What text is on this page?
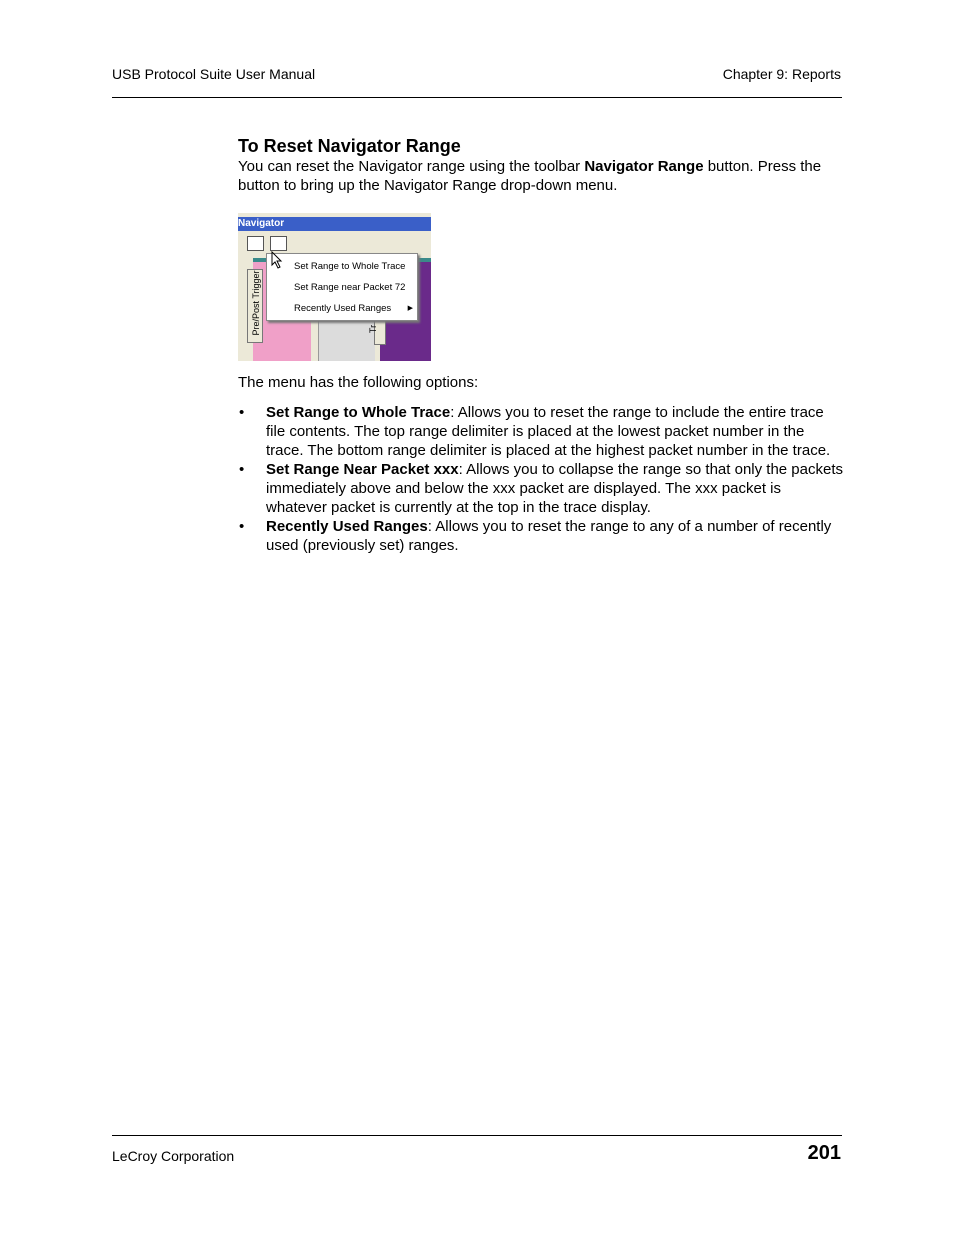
USB Protocol Suite User Manual	Chapter 9: Reports
To Reset Navigator Range

You can reset the Navigator range using the toolbar Navigator Range button. Press the button to bring up the Navigator Range drop-down menu.

Navigator
Pre/Post Trigger	Tr
Set Range to Whole Trace
Set Range near Packet 72
Recently Used Ranges ▶

The menu has the following options:

• Set Range to Whole Trace: Allows you to reset the range to include the entire trace file contents. The top range delimiter is placed at the lowest packet number in the trace. The bottom range delimiter is placed at the highest packet number in the trace.
• Set Range Near Packet xxx: Allows you to collapse the range so that only the packets immediately above and below the xxx packet are displayed. The xxx packet is whatever packet is currently at the top in the trace display.
• Recently Used Ranges: Allows you to reset the range to any of a number of recently used (previously set) ranges.
LeCroy Corporation	201
